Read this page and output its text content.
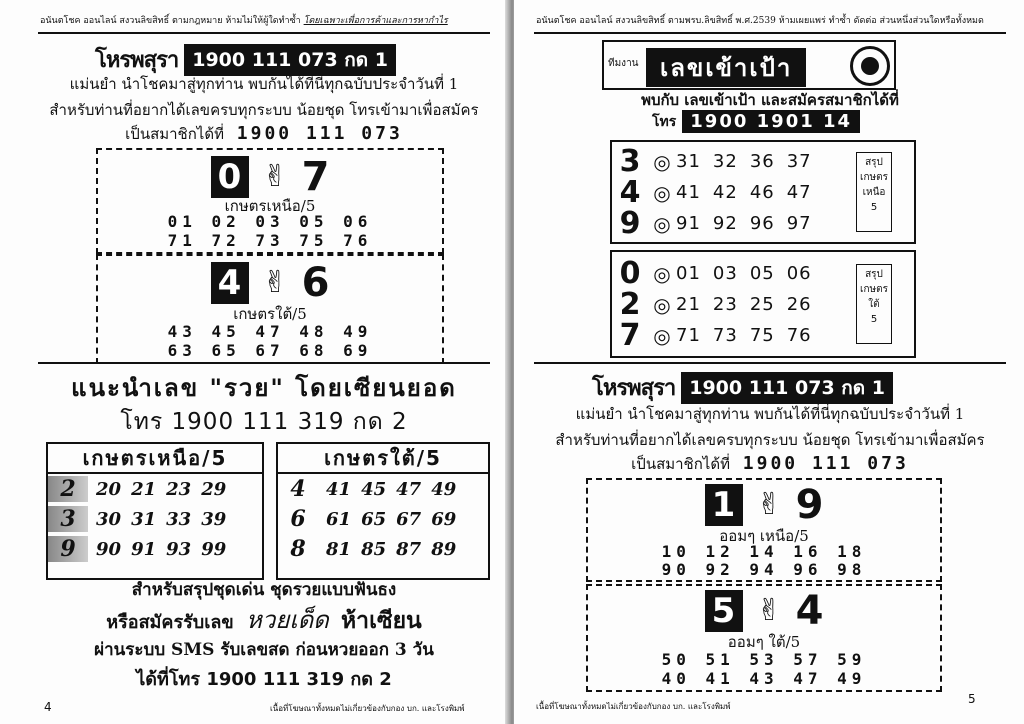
อนันตโชค ออนไลน์ สงวนลิขสิทธิ์ ตามกฎหมาย ห้ามไม่ให้ผู้ใดทำซ้ำ โดยเฉพาะเพื่อการค้าและการหากำไร
โหรพสุรา 1900 111 073 กด 1
แม่นยำ นำโชคมาสู่ทุกท่าน พบกันได้ที่นี่ทุกฉบับประจำวันที่ 1
สำหรับท่านที่อยากได้เลขครบทุกระบบ น้อยชุด โทรเข้ามาเพื่อสมัคร
เป็นสมาชิกได้ที่ 1900 111 073
0 ✌ 7
เกษตรเหนือ/5
01 02 03 05 06
71 72 73 75 76
4 ✌ 6
เกษตรใต้/5
43 45 47 48 49
63 65 67 68 69
แนะนำเลข "รวย" โดยเซียนยอด
โทร 1900 111 319 กด 2
เกษตรเหนือ/5
2	20 21 23 29
3	30 31 33 39
9	90 91 93 99
เกษตรใต้/5
4	41 45 47 49
6	61 65 67 69
8	81 85 87 89
สำหรับสรุปชุดเด่น ชุดรวยแบบฟันธง
หรือสมัครรับเลข หวยเด็ด ห้าเซียน
ผ่านระบบ SMS รับเลขสด ก่อนหวยออก 3 วัน
ได้ที่โทร 1900 111 319 กด 2
4	เนื้อที่โฆษณาทั้งหมดไม่เกี่ยวข้องกับกอง บก. และโรงพิมพ์
อนันตโชค ออนไลน์ สงวนลิขสิทธิ์ ตามพรบ.ลิขสิทธิ์ พ.ศ.2539 ห้ามเผยแพร่ ทำซ้ำ ดัดต่อ ส่วนหนึ่งส่วนใดหรือทั้งหมด
ทีมงาน เลขเข้าเป้า
พบกับ เลขเข้าเป้า และสมัครสมาชิกได้ที่
โทร 1900 1901 14
3 ◎ 31 32 36 37
4 ◎ 41 42 46 47
9 ◎ 91 92 96 97
สรุป
เกษตร
เหนือ
5
0 ◎ 01 03 05 06
2 ◎ 21 23 25 26
7 ◎ 71 73 75 76
สรุป
เกษตร
ใต้
5
โหรพสุรา 1900 111 073 กด 1
แม่นยำ นำโชคมาสู่ทุกท่าน พบกันได้ที่นี่ทุกฉบับประจำวันที่ 1
สำหรับท่านที่อยากได้เลขครบทุกระบบ น้อยชุด โทรเข้ามาเพื่อสมัคร
เป็นสมาชิกได้ที่ 1900 111 073
1 ✌ 9
ออมๆ เหนือ/5
10 12 14 16 18
90 92 94 96 98
5 ✌ 4
ออมๆ ใต้/5
50 51 53 57 59
40 41 43 47 49
เนื้อที่โฆษณาทั้งหมดไม่เกี่ยวข้องกับกอง บก. และโรงพิมพ์
5
